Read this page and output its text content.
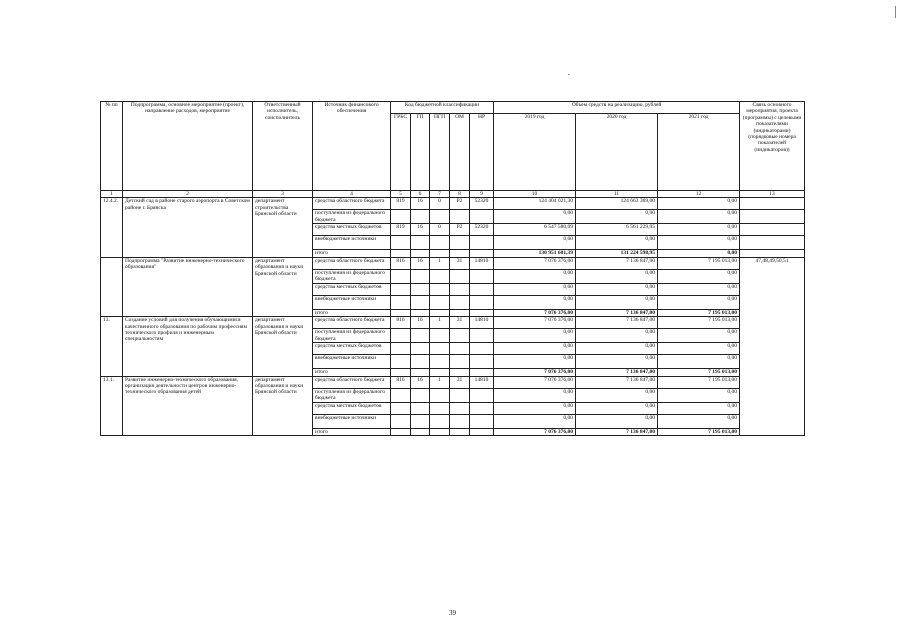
№ пп	Подпрограмма, основное мероприятие (проект), направление расходов, мероприятие	Ответственный исполнитель, соисполнитель	Источник финансового обеспечения	Код бюджетной классификации					Объем средств на реализацию, рублей			Связь основного мероприятия, проекта (программы) с целевыми показателями (индикаторами) (порядковые номера показателей (индикаторов))
				ГРБС	ГП	ПГП	ОМ	НР	2019 год	2020 год	2021 год	
1	2	3	4	5	6	7	8	9	10	11	12	13
12.4.2.	Детский сад в районе старого аэропорта в Советском районе г. Брянска	департамент строительства Брянской области	средства областного бюджета	819	16	0	P2	52320	124 404 021,30	124 663 369,00	0,00	
			поступления из федерального бюджета						0,00	0,00	0,00	
			средства местных бюджетов	819	16	0	P2	52320	6 547 580,09	6 561 229,95	0,00	
			внебюджетные источники						0,00	0,00	0,00	
			итого						130 951 601,39	131 224 598,95	0,00	
	Подпрограмма "Развитие инженерно-технического образования"	департамент образования и науки Брянской области	средства областного бюджета	816	16	1	31	14810	7 076 376,00	7 136 847,00	7 195 013,00	47,48,49,50,51
			поступления из федерального бюджета						0,00	0,00	0,00	
			средства местных бюджетов						0,00	0,00	0,00	
			внебюджетные источники						0,00	0,00	0,00	
			итого						7 076 376,00	7 136 847,00	7 195 013,00	
13.	Создание условий для получения обучающимися качественного образования по рабочим профессиям технического профиля и инженерным специальностям	департамент образования и науки Брянской области	средства областного бюджета	816	16	1	31	14810	7 076 376,00	7 136 847,00	7 195 013,00	
			поступления из федерального бюджета						0,00	0,00	0,00	
			средства местных бюджетов						0,00	0,00	0,00	
			внебюджетные источники						0,00	0,00	0,00	
			итого						7 076 376,00	7 136 847,00	7 195 013,00	
13.1.	Развитие инженерно-технического образования, организация деятельности центров инженерно-технического образования детей	департамент образования и науки Брянской области	средства областного бюджета	816	16	1	31	14810	7 076 376,00	7 136 847,00	7 195 013,00	
			поступления из федерального бюджета						0,00	0,00	0,00	
			средства местных бюджетов						0,00	0,00	0,00	
			внебюджетные источники						0,00	0,00	0,00	
			итого						7 076 376,00	7 136 847,00	7 195 013,00	
39
